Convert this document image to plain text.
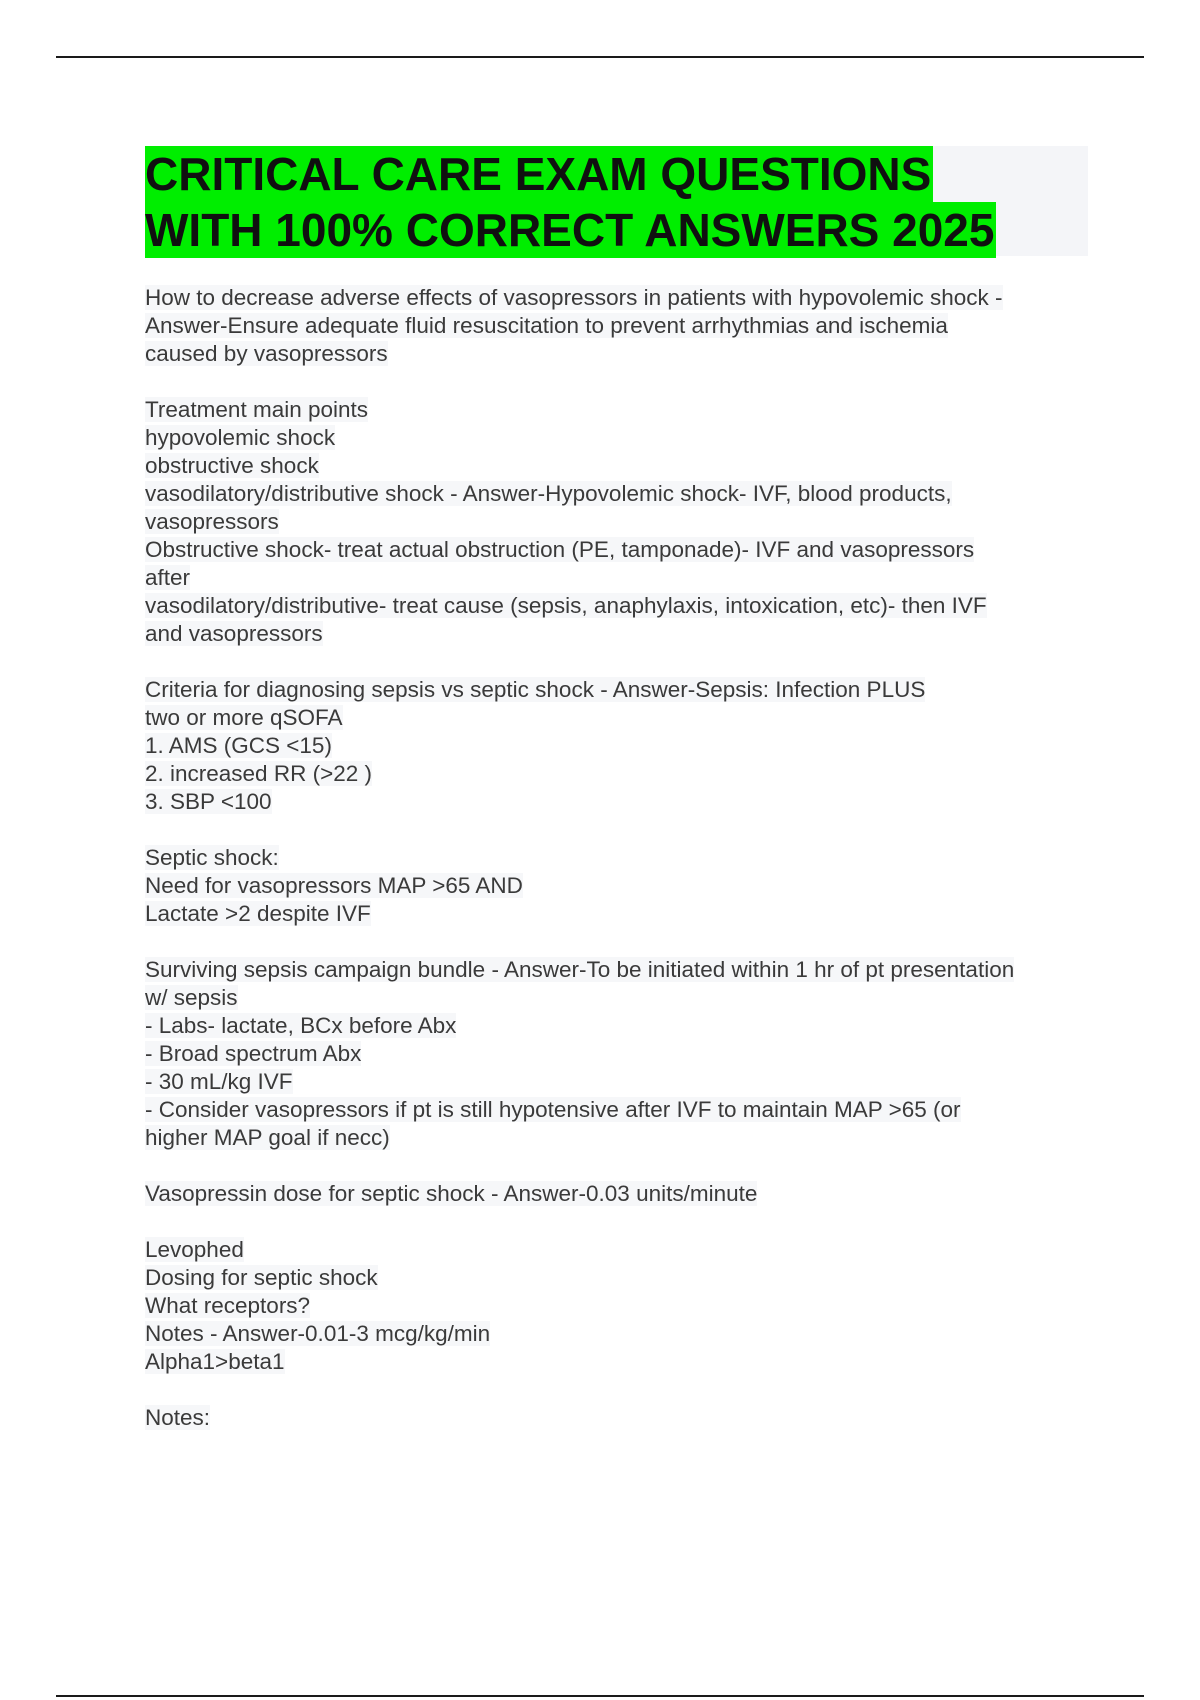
CRITICAL CARE EXAM QUESTIONS
WITH 100% CORRECT ANSWERS 2025
How to decrease adverse effects of vasopressors in patients with hypovolemic shock -
Answer-Ensure adequate fluid resuscitation to prevent arrhythmias and ischemia
caused by vasopressors
Treatment main points
hypovolemic shock
obstructive shock
vasodilatory/distributive shock - Answer-Hypovolemic shock- IVF, blood products,
vasopressors
Obstructive shock- treat actual obstruction (PE, tamponade)- IVF and vasopressors
after
vasodilatory/distributive- treat cause (sepsis, anaphylaxis, intoxication, etc)- then IVF
and vasopressors
Criteria for diagnosing sepsis vs septic shock - Answer-Sepsis: Infection PLUS
two or more qSOFA
1. AMS (GCS <15)
2. increased RR (>22 )
3. SBP <100
Septic shock:
Need for vasopressors MAP >65 AND
Lactate >2 despite IVF
Surviving sepsis campaign bundle - Answer-To be initiated within 1 hr of pt presentation
w/ sepsis
- Labs- lactate, BCx before Abx
- Broad spectrum Abx
- 30 mL/kg IVF
- Consider vasopressors if pt is still hypotensive after IVF to maintain MAP >65 (or
higher MAP goal if necc)
Vasopressin dose for septic shock - Answer-0.03 units/minute
Levophed
Dosing for septic shock
What receptors?
Notes - Answer-0.01-3 mcg/kg/min
Alpha1>beta1
Notes:
